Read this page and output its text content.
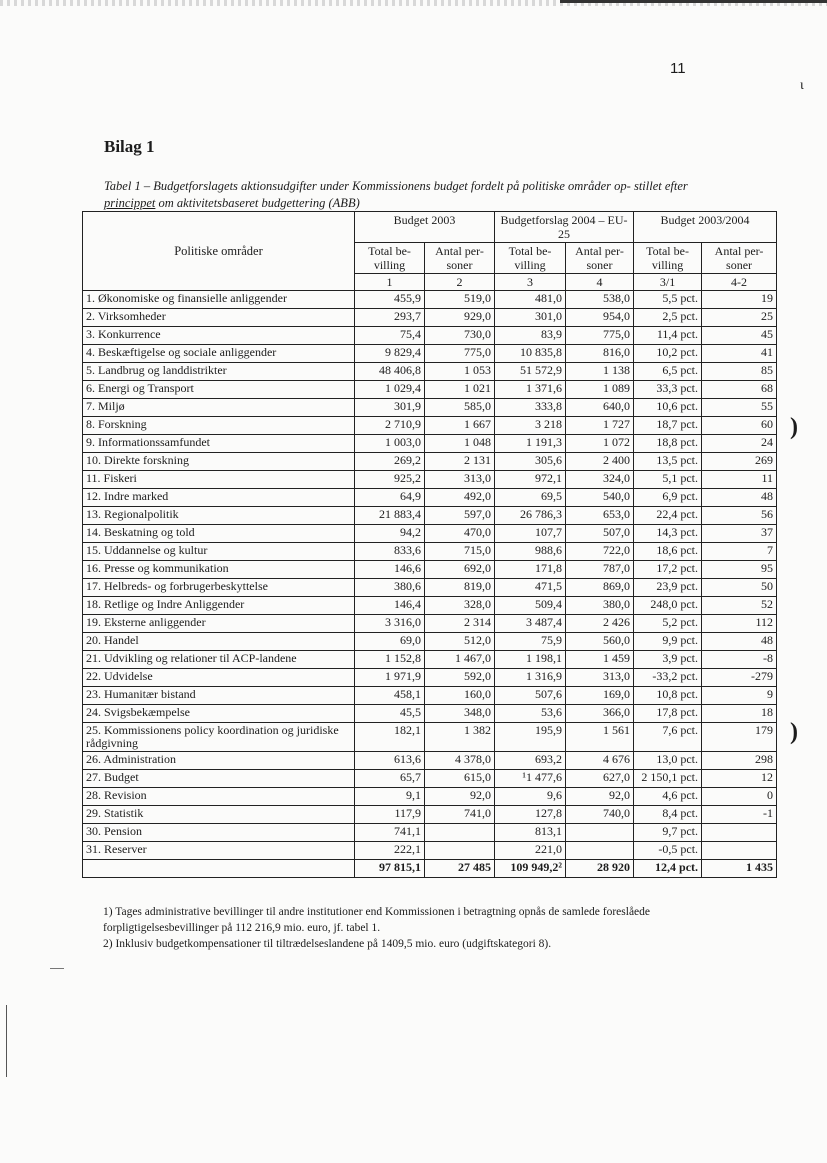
11
Bilag 1
Tabel 1 – Budgetforslagets aktionsudgifter under Kommissionens budget fordelt på politiske områder op- stillet efter princippet om aktivitetsbaseret budgettering (ABB)
Politiske områder	Budget 2003		Budgetforslag 2004 – EU-25		Budget 2003/2004	
	Total be- villing	Antal per- soner	Total be- villing	Antal per- soner	Total be- villing	Antal per- soner
	1	2	3	4	3/1	4-2
1. Økonomiske og finansielle anliggender	455,9	519,0	481,0	538,0	5,5 pct.	19
2. Virksomheder	293,7	929,0	301,0	954,0	2,5 pct.	25
3. Konkurrence	75,4	730,0	83,9	775,0	11,4 pct.	45
4. Beskæftigelse og sociale anliggender	9 829,4	775,0	10 835,8	816,0	10,2 pct.	41
5. Landbrug og landdistrikter	48 406,8	1 053	51 572,9	1 138	6,5 pct.	85
6. Energi og Transport	1 029,4	1 021	1 371,6	1 089	33,3 pct.	68
7. Miljø	301,9	585,0	333,8	640,0	10,6 pct.	55
8. Forskning	2 710,9	1 667	3 218	1 727	18,7 pct.	60
9. Informationssamfundet	1 003,0	1 048	1 191,3	1 072	18,8 pct.	24
10. Direkte forskning	269,2	2 131	305,6	2 400	13,5 pct.	269
11. Fiskeri	925,2	313,0	972,1	324,0	5,1 pct.	11
12. Indre marked	64,9	492,0	69,5	540,0	6,9 pct.	48
13. Regionalpolitik	21 883,4	597,0	26 786,3	653,0	22,4 pct.	56
14. Beskatning og told	94,2	470,0	107,7	507,0	14,3 pct.	37
15. Uddannelse og kultur	833,6	715,0	988,6	722,0	18,6 pct.	7
16. Presse og kommunikation	146,6	692,0	171,8	787,0	17,2 pct.	95
17. Helbreds- og forbrugerbeskyttelse	380,6	819,0	471,5	869,0	23,9 pct.	50
18. Retlige og Indre Anliggender	146,4	328,0	509,4	380,0	248,0 pct.	52
19. Eksterne anliggender	3 316,0	2 314	3 487,4	2 426	5,2 pct.	112
20. Handel	69,0	512,0	75,9	560,0	9,9 pct.	48
21. Udvikling og relationer til ACP-landene	1 152,8	1 467,0	1 198,1	1 459	3,9 pct.	-8
22. Udvidelse	1 971,9	592,0	1 316,9	313,0	-33,2 pct.	-279
23. Humanitær bistand	458,1	160,0	507,6	169,0	10,8 pct.	9
24. Svigsbekæmpelse	45,5	348,0	53,6	366,0	17,8 pct.	18
25. Kommissionens policy koordination og juridiske rådgivning	182,1	1 382	195,9	1 561	7,6 pct.	179
26. Administration	613,6	4 378,0	693,2	4 676	13,0 pct.	298
27. Budget	65,7	615,0	¹1 477,6	627,0	2 150,1 pct.	12
28. Revision	9,1	92,0	9,6	92,0	4,6 pct.	0
29. Statistik	117,9	741,0	127,8	740,0	8,4 pct.	-1
30. Pension	741,1		813,1		9,7 pct.	
31. Reserver	222,1		221,0		-0,5 pct.	
	97 815,1	27 485	109 949,2²	28 920	12,4 pct.	1 435

1) Tages administrative bevillinger til andre institutioner end Kommissionen i betragtning opnås de samlede foreslåede forpligtigelsesbevillinger på 112 216,9 mio. euro, jf. tabel 1.

2) Inklusiv budgetkompensationer til tiltrædelseslandene på 1409,5 mio. euro (udgiftskategori 8).

)
)
ι
